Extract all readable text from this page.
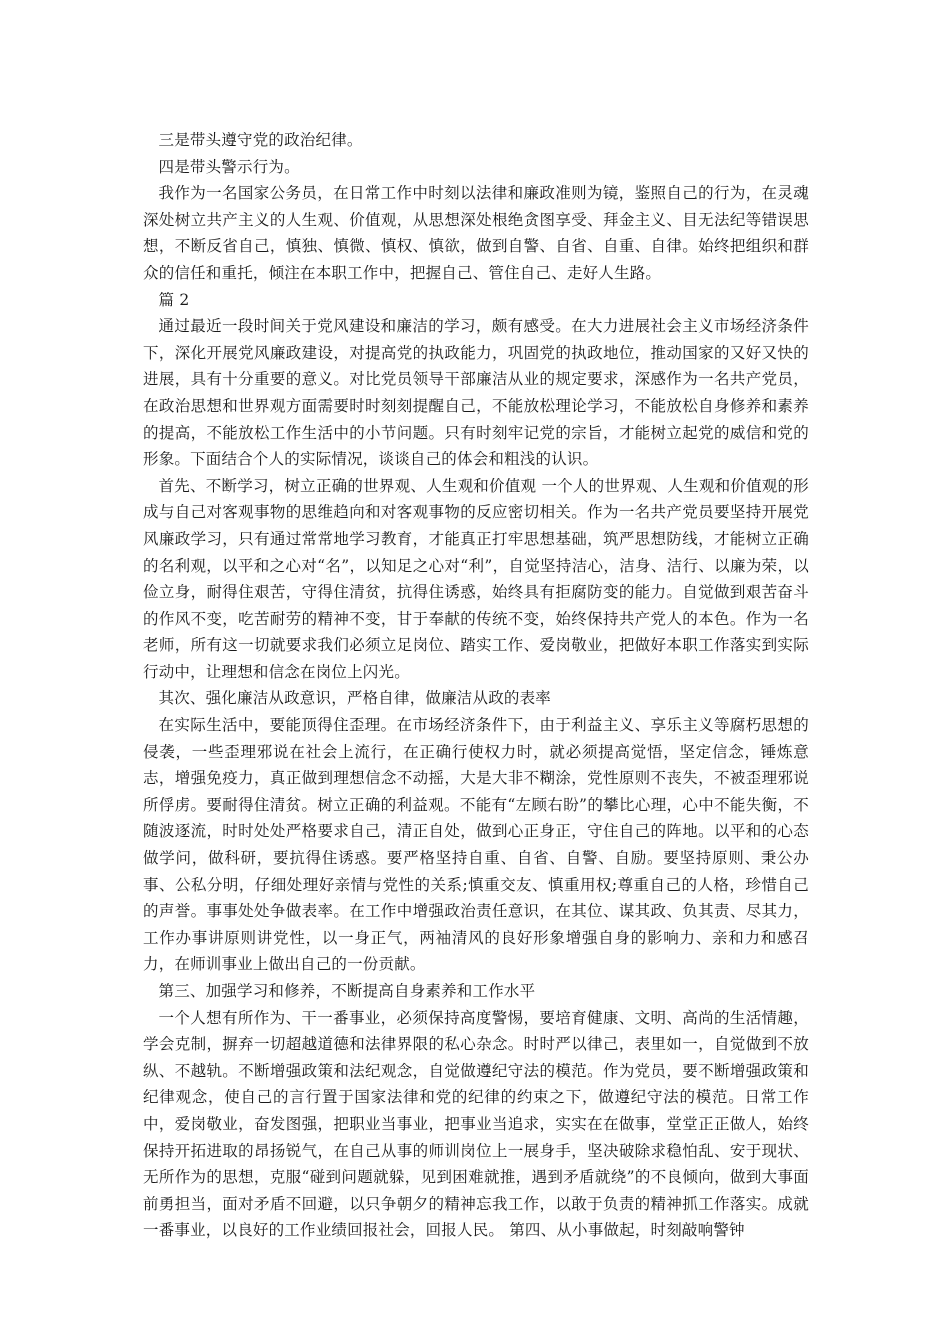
三是带头遵守党的政治纪律。

四是带头警示行为。

我作为一名国家公务员，在日常工作中时刻以法律和廉政准则为镜，鉴照自己的行为，在灵魂深处树立共产主义的人生观、价值观，从思想深处根绝贪图享受、拜金主义、目无法纪等错误思想，不断反省自己，慎独、慎微、慎权、慎欲，做到自警、自省、自重、自律。始终把组织和群众的信任和重托，倾注在本职工作中，把握自己、管住自己、走好人生路。

篇 2

通过最近一段时间关于党风建设和廉洁的学习，颇有感受。在大力进展社会主义市场经济条件下，深化开展党风廉政建设，对提高党的执政能力，巩固党的执政地位，推动国家的又好又快的进展，具有十分重要的意义。对比党员领导干部廉洁从业的规定要求，深感作为一名共产党员，在政治思想和世界观方面需要时时刻刻提醒自己，不能放松理论学习，不能放松自身修养和素养的提高，不能放松工作生活中的小节问题。只有时刻牢记党的宗旨，才能树立起党的威信和党的形象。下面结合个人的实际情况，谈谈自己的体会和粗浅的认识。

首先、不断学习，树立正确的世界观、人生观和价值观 一个人的世界观、人生观和价值观的形成与自己对客观事物的思维趋向和对客观事物的反应密切相关。作为一名共产党员要坚持开展党风廉政学习，只有通过常常地学习教育，才能真正打牢思想基础，筑严思想防线，才能树立正确的名利观，以平和之心对“名”，以知足之心对“利”，自觉坚持洁心，洁身、洁行、以廉为荣，以俭立身，耐得住艰苦，守得住清贫，抗得住诱惑，始终具有拒腐防变的能力。自觉做到艰苦奋斗的作风不变，吃苦耐劳的精神不变，甘于奉献的传统不变，始终保持共产党人的本色。作为一名老师，所有这一切就要求我们必须立足岗位、踏实工作、爱岗敬业，把做好本职工作落实到实际行动中，让理想和信念在岗位上闪光。

其次、强化廉洁从政意识，严格自律，做廉洁从政的表率

在实际生活中，要能顶得住歪理。在市场经济条件下，由于利益主义、享乐主义等腐朽思想的侵袭，一些歪理邪说在社会上流行，在正确行使权力时，就必须提高觉悟，坚定信念，锤炼意志，增强免疫力，真正做到理想信念不动摇，大是大非不糊涂，党性原则不丧失，不被歪理邪说所俘虏。要耐得住清贫。树立正确的利益观。不能有“左顾右盼”的攀比心理，心中不能失衡，不随波逐流，时时处处严格要求自己，清正自处，做到心正身正，守住自己的阵地。以平和的心态做学问，做科研，要抗得住诱惑。要严格坚持自重、自省、自警、自励。要坚持原则、秉公办事、公私分明，仔细处理好亲情与党性的关系;慎重交友、慎重用权;尊重自己的人格，珍惜自己的声誉。事事处处争做表率。在工作中增强政治责任意识，在其位、谋其政、负其责、尽其力，工作办事讲原则讲党性，以一身正气，两袖清风的良好形象增强自身的影响力、亲和力和感召力，在师训事业上做出自己的一份贡献。

第三、加强学习和修养，不断提高自身素养和工作水平

一个人想有所作为、干一番事业，必须保持高度警惕，要培育健康、文明、高尚的生活情趣，学会克制，摒弃一切超越道德和法律界限的私心杂念。时时严以律己，表里如一，自觉做到不放纵、不越轨。不断增强政策和法纪观念，自觉做遵纪守法的模范。作为党员，要不断增强政策和纪律观念，使自己的言行置于国家法律和党的纪律的约束之下，做遵纪守法的模范。日常工作中，爱岗敬业，奋发图强，把职业当事业，把事业当追求，实实在在做事，堂堂正正做人，始终保持开拓进取的昂扬锐气，在自己从事的师训岗位上一展身手，坚决破除求稳怕乱、安于现状、无所作为的思想，克服“碰到问题就躲，见到困难就推，遇到矛盾就绕”的不良倾向，做到大事面前勇担当，面对矛盾不回避，以只争朝夕的精神忘我工作，以敢于负责的精神抓工作落实。成就一番事业，以良好的工作业绩回报社会，回报人民。 第四、从小事做起，时刻敲响警钟
